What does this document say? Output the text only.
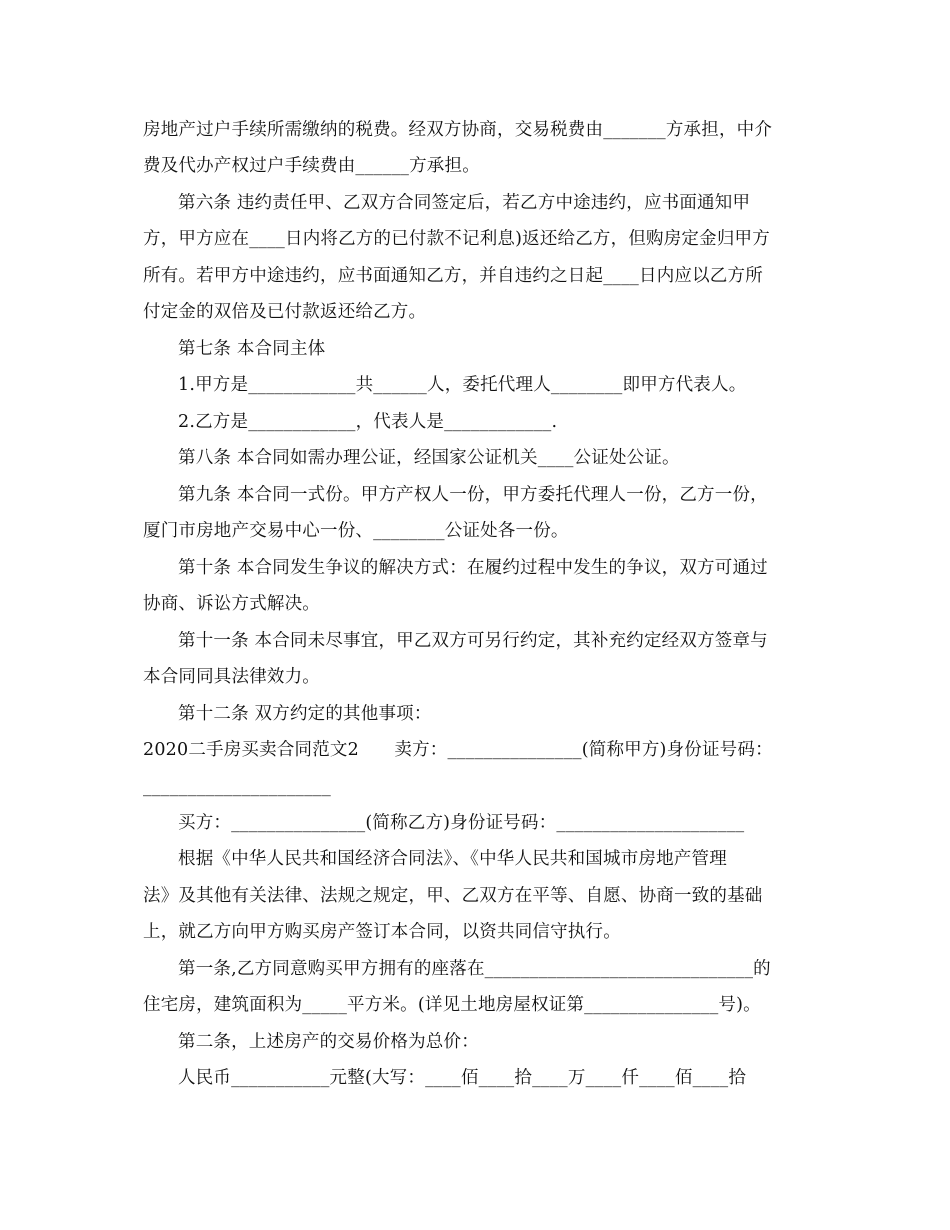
房地产过户手续所需缴纳的税费。经双方协商，交易税费由_______方承担，中介
费及代办产权过户手续费由______方承担。
第六条 违约责任甲、乙双方合同签定后，若乙方中途违约，应书面通知甲
方，甲方应在____日内将乙方的已付款不记利息)返还给乙方，但购房定金归甲方
所有。若甲方中途违约，应书面通知乙方，并自违约之日起____日内应以乙方所
付定金的双倍及已付款返还给乙方。
第七条 本合同主体
1.甲方是____________共______人，委托代理人________即甲方代表人。
2.乙方是____________，代表人是____________.
第八条 本合同如需办理公证，经国家公证机关____公证处公证。
第九条 本合同一式份。甲方产权人一份，甲方委托代理人一份，乙方一份，
厦门市房地产交易中心一份、________公证处各一份。
第十条 本合同发生争议的解决方式：在履约过程中发生的争议，双方可通过
协商、诉讼方式解决。
第十一条 本合同未尽事宜，甲乙双方可另行约定，其补充约定经双方签章与
本合同同具法律效力。
第十二条 双方约定的其他事项：
2020二手房买卖合同范文2　　卖方：_______________(简称甲方)身份证号码：
_____________________
买方：_______________(简称乙方)身份证号码：_____________________
根据《中华人民共和国经济合同法》、《中华人民共和国城市房地产管理
法》及其他有关法律、法规之规定，甲、乙双方在平等、自愿、协商一致的基础
上，就乙方向甲方购买房产签订本合同，以资共同信守执行。
第一条,乙方同意购买甲方拥有的座落在______________________________的
住宅房，建筑面积为_____平方米。(详见土地房屋权证第_______________号)。
第二条，上述房产的交易价格为总价：
人民币___________元整(大写：____佰____拾____万____仟____佰____拾
